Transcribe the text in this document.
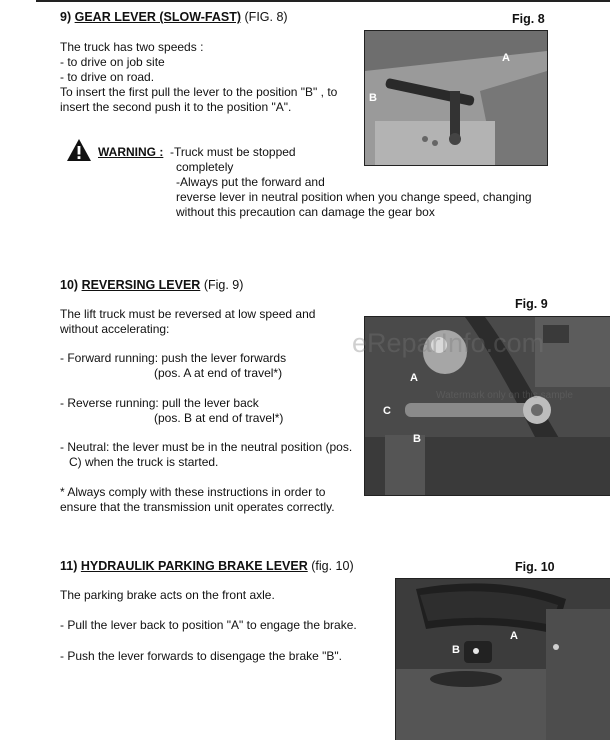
9) GEAR LEVER (SLOW-FAST) (FIG. 8)	Fig. 8
The truck has two speeds :
- to drive on job site
- to drive on road.
To insert the first pull the lever to the position "B" , to
insert the second push it to the position "A".
WARNING : -Truck must be stopped
completely
-Always put the forward and
reverse lever in neutral position when you change speed, changing
without this precaution can damage the gear box
A
B
10) REVERSING LEVER (Fig. 9)
Fig. 9
The lift truck must be reversed at low speed and
without accelerating:
- Forward running: push the lever forwards
(pos. A at end of travel*)
- Reverse running: pull the lever back
(pos. B at end of travel*)
- Neutral: the lever must be in the neutral position (pos.
C) when the truck is started.
* Always comply with these instructions in order to
ensure that the transmission unit operates correctly.
A
C
B
eReparInfo.com
Watermark only on this sample
11) HYDRAULIK PARKING BRAKE LEVER (fig. 10)	Fig. 10
The parking brake acts on the front axle.
- Pull the lever back to position "A" to engage the brake.
- Push the lever forwards to disengage the brake "B".
A
B
